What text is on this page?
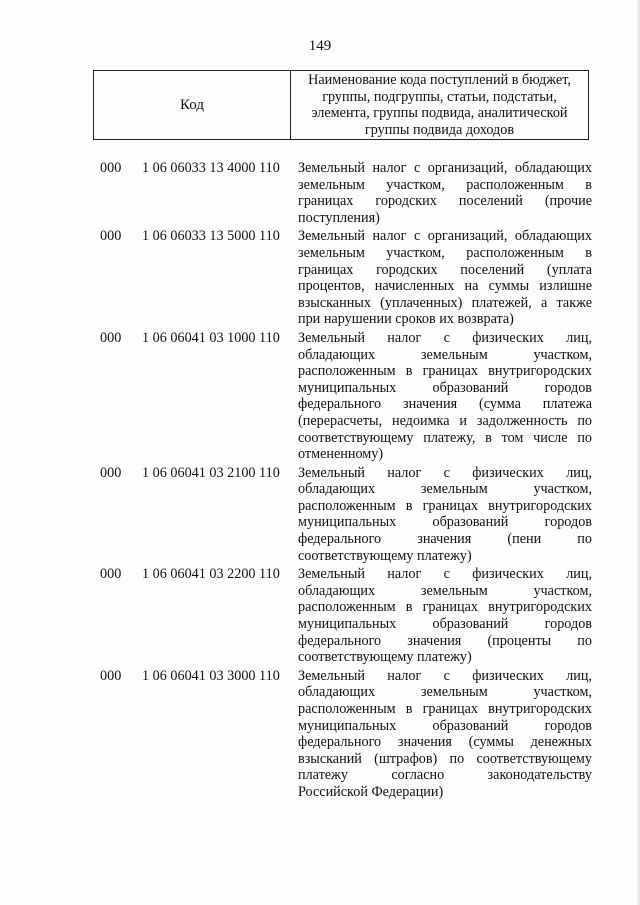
149
Код
Наименование кода поступлений в бюджет, группы, подгруппы, статьи, подстатьи, элемента, группы подвида, аналитической группы подвида доходов
000	1 06 06033 13 4000 110	Земельный налог с организаций, обладающих
земельным участком, расположенным в
границах городских поселений (прочие
поступления)
000	1 06 06033 13 5000 110	Земельный налог с организаций, обладающих
земельным участком, расположенным в
границах городских поселений (уплата
процентов, начисленных на суммы излишне
взысканных (уплаченных) платежей, а также
при нарушении сроков их возврата)
000	1 06 06041 03 1000 110	Земельный налог с физических лиц,
обладающих земельным участком,
расположенным в границах внутригородских
муниципальных образований городов
федерального значения (сумма платежа
(перерасчеты, недоимка и задолженность по
соответствующему платежу, в том числе по
отмененному)
000	1 06 06041 03 2100 110	Земельный налог с физических лиц,
обладающих земельным участком,
расположенным в границах внутригородских
муниципальных образований городов
федерального значения (пени по
соответствующему платежу)
000	1 06 06041 03 2200 110	Земельный налог с физических лиц,
обладающих земельным участком,
расположенным в границах внутригородских
муниципальных образований городов
федерального значения (проценты по
соответствующему платежу)
000	1 06 06041 03 3000 110	Земельный налог с физических лиц,
обладающих земельным участком,
расположенным в границах внутригородских
муниципальных образований городов
федерального значения (суммы денежных
взысканий (штрафов) по соответствующему
платежу согласно законодательству
Российской Федерации)
